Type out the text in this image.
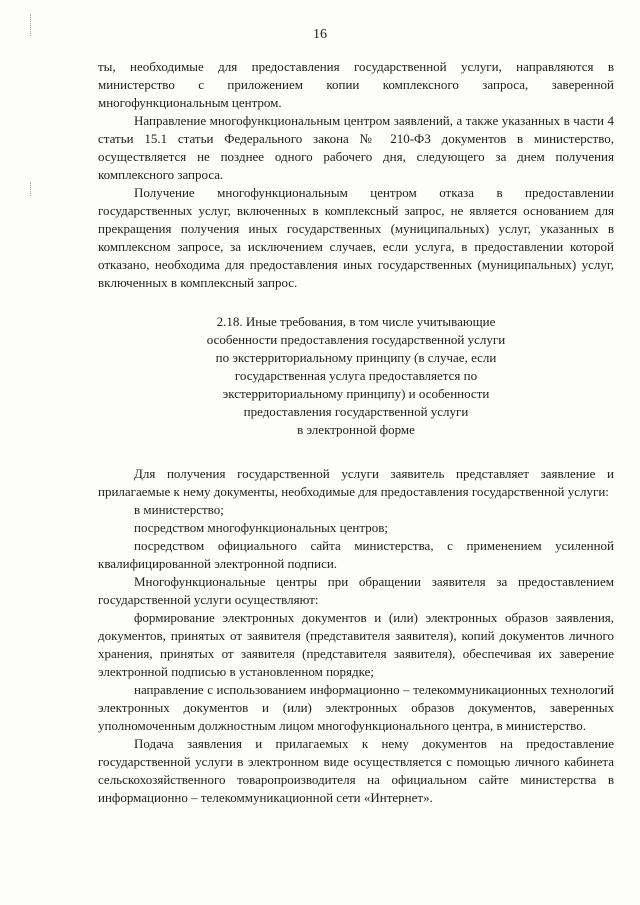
16

ты, необходимые для предоставления государственной услуги, направляются в министерство с приложением копии комплексного запроса, заверенной многофункциональным центром.

Направление многофункциональным центром заявлений, а также указанных в части 4 статьи 15.1 статьи Федерального закона № 210-ФЗ документов в министерство, осуществляется не позднее одного рабочего дня, следующего за днем получения комплексного запроса.

Получение многофункциональным центром отказа в предоставлении государственных услуг, включенных в комплексный запрос, не является основанием для прекращения получения иных государственных (муниципальных) услуг, указанных в комплексном запросе, за исключением случаев, если услуга, в предоставлении которой отказано, необходима для предоставления иных государственных (муниципальных) услуг, включенных в комплексный запрос.

2.18. Иные требования, в том числе учитывающие
особенности предоставления государственной услуги
по экстерриториальному принципу (в случае, если
государственная услуга предоставляется по
экстерриториальному принципу) и особенности
предоставления государственной услуги
в электронной форме

Для получения государственной услуги заявитель представляет заявление и прилагаемые к нему документы, необходимые для предоставления государственной услуги:

в министерство;

посредством многофункциональных центров;

посредством официального сайта министерства, с применением усиленной квалифицированной электронной подписи.

Многофункциональные центры при обращении заявителя за предоставлением государственной услуги осуществляют:

формирование электронных документов и (или) электронных образов заявления, документов, принятых от заявителя (представителя заявителя), копий документов личного хранения, принятых от заявителя (представителя заявителя), обеспечивая их заверение электронной подписью в установленном порядке;

направление с использованием информационно – телекоммуникационных технологий электронных документов и (или) электронных образов документов, заверенных уполномоченным должностным лицом многофункционального центра, в министерство.

Подача заявления и прилагаемых к нему документов на предоставление государственной услуги в электронном виде осуществляется с помощью личного кабинета сельскохозяйственного товаропроизводителя на официальном сайте министерства в информационно – телекоммуникационной сети «Интернет».
